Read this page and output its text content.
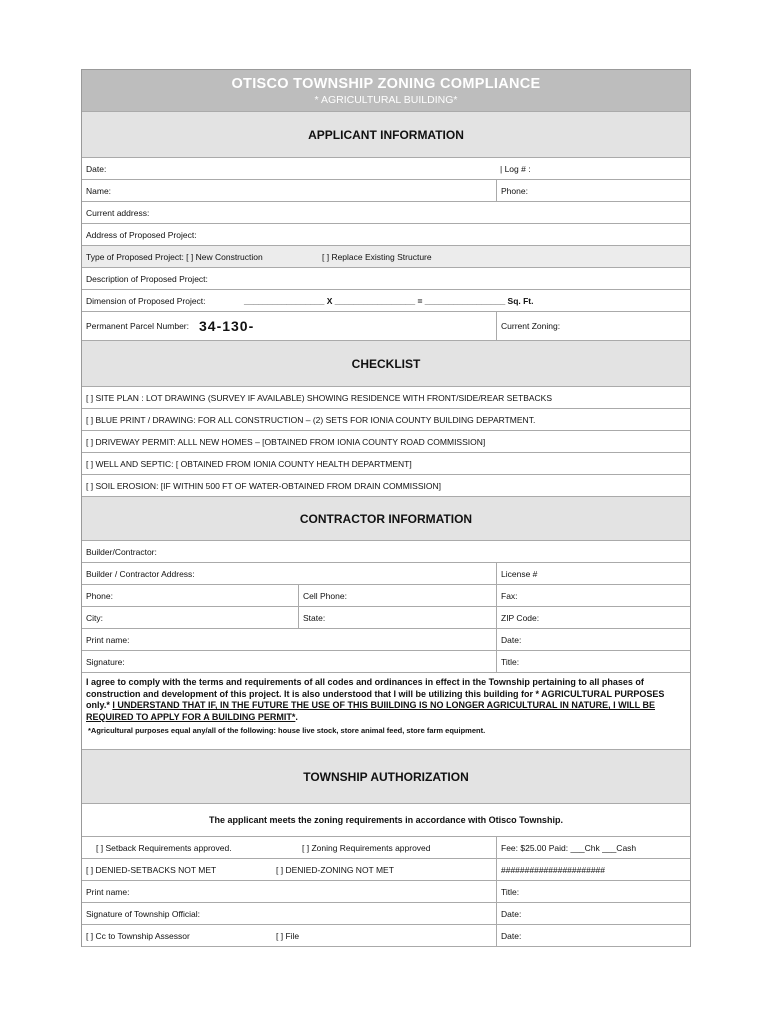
OTISCO TOWNSHIP ZONING COMPLIANCE
* AGRICULTURAL BUILDING*
APPLICANT INFORMATION
Date:	| Log # :
Name:	Phone:
Current address:
Address of Proposed Project:
Type of Proposed Project: [ ] New Construction	[ ] Replace Existing Structure
Description of Proposed Project:
Dimension of Proposed Project:	_________________ X _________________ = _________________ Sq. Ft.
Permanent Parcel Number: 34-130-	Current Zoning:
CHECKLIST
[ ] SITE PLAN : LOT DRAWING (SURVEY IF AVAILABLE) SHOWING RESIDENCE WITH FRONT/SIDE/REAR SETBACKS
[ ] BLUE PRINT / DRAWING: FOR ALL CONSTRUCTION – (2) SETS FOR IONIA COUNTY BUILDING DEPARTMENT.
[ ] DRIVEWAY PERMIT: ALLL NEW HOMES – [OBTAINED FROM IONIA COUNTY ROAD COMMISSION]
[ ] WELL AND SEPTIC: [ OBTAINED FROM IONIA COUNTY HEALTH DEPARTMENT]
[ ] SOIL EROSION: [IF WITHIN 500 FT OF WATER-OBTAINED FROM DRAIN COMMISSION]
CONTRACTOR INFORMATION
Builder/Contractor:
Builder / Contractor Address:	License #
Phone:	Cell Phone:	Fax:
City:	State:	ZIP Code:
Print name:	Date:
Signature:	Title:
I agree to comply with the terms and requirements of all codes and ordinances in effect in the Township pertaining to all phases of construction and development of this project. It is also understood that I will be utilizing this building for * AGRICULTURAL PURPOSES only.* I UNDERSTAND THAT IF, IN THE FUTURE THE USE OF THIS BUIILDING IS NO LONGER AGRICULTURAL IN NATURE, I WILL BE REQUIRED TO APPLY FOR A BUILDING PERMIT*.
*Agricultural purposes equal any/all of the following: house live stock, store animal feed, store farm equipment.
TOWNSHIP AUTHORIZATION
The applicant meets the zoning requirements in accordance with Otisco Township.
[ ] Setback Requirements approved.	[ ] Zoning Requirements approved	Fee: $25.00 Paid: ___Chk ___Cash
[ ] DENIED-SETBACKS NOT MET	[ ] DENIED-ZONING NOT MET	######################
Print name:	Title:
Signature of Township Official:	Date:
[ ] Cc to Township Assessor	[ ] File	Date:
